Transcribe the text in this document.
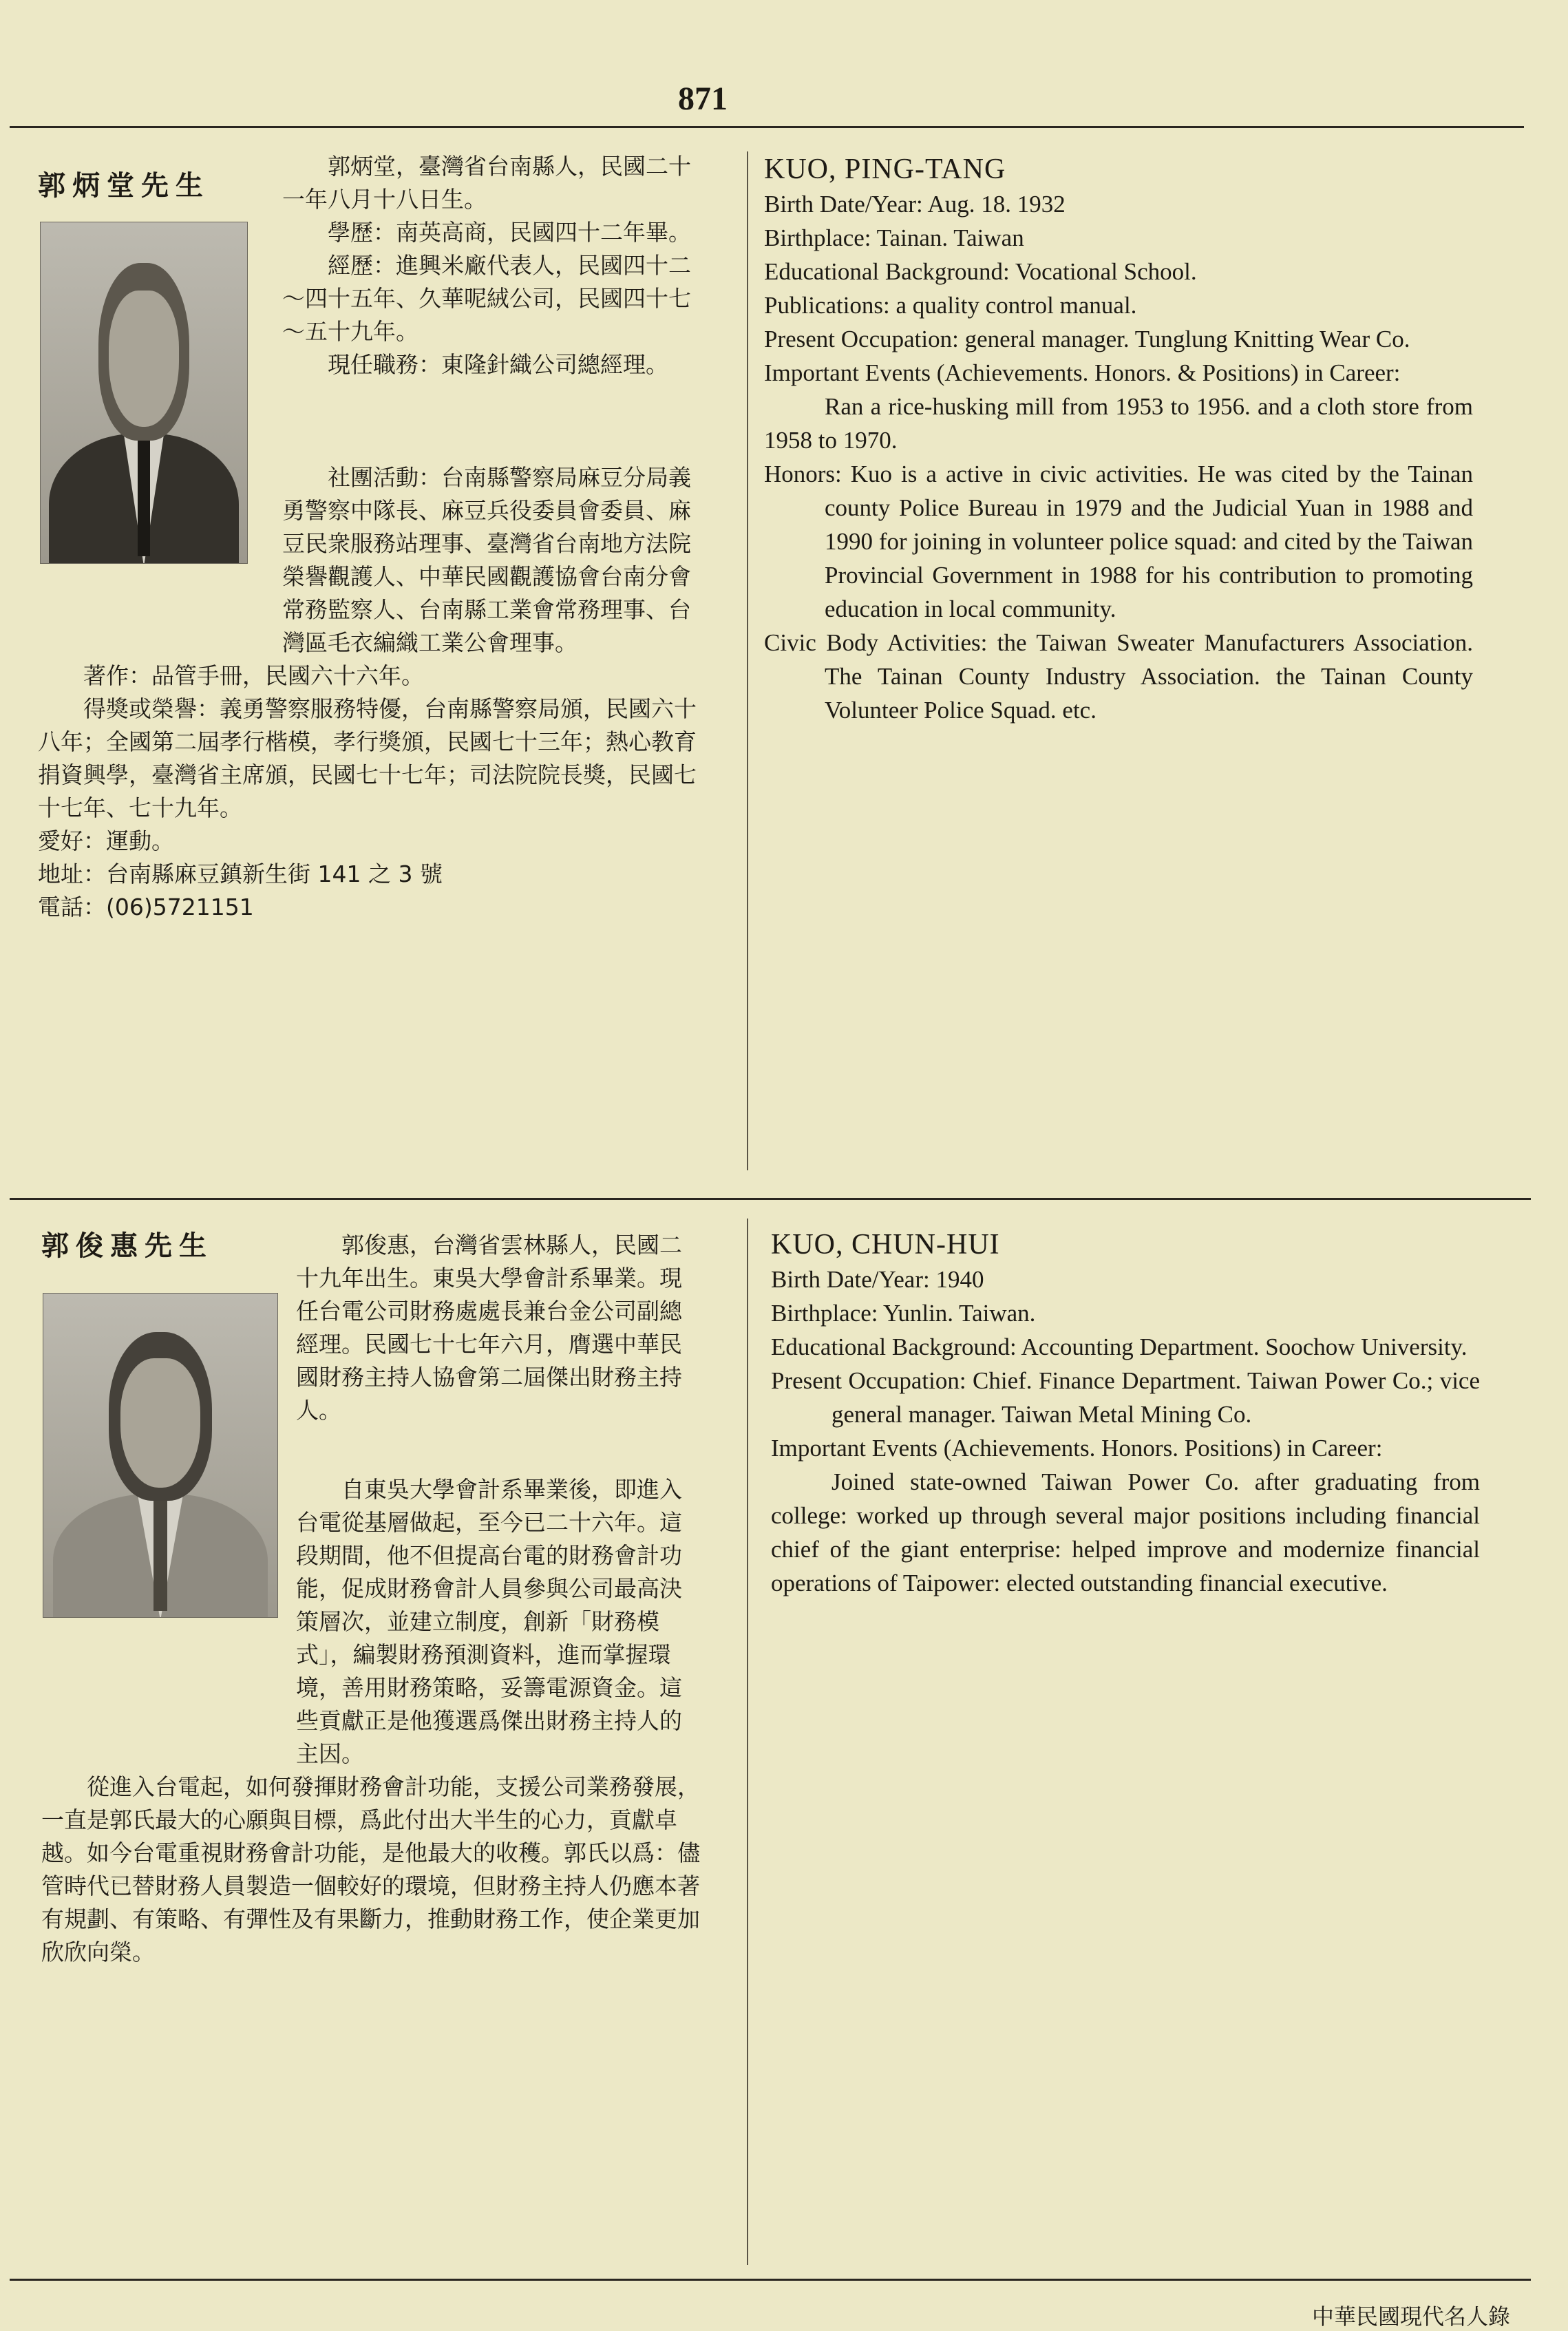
871
郭炳堂先生

郭炳堂，臺灣省台南縣人，民國二十一年八月十八日生。

學歷：南英高商，民國四十二年畢。

經歷：進興米廠代表人，民國四十二～四十五年、久華呢絨公司，民國四十七～五十九年。

現任職務：東隆針織公司總經理。

社團活動：台南縣警察局麻豆分局義勇警察中隊長、麻豆兵役委員會委員、麻豆民衆服務站理事、臺灣省台南地方法院榮譽觀護人、中華民國觀護協會台南分會常務監察人、台南縣工業會常務理事、台灣區毛衣編織工業公會理事。

著作：品管手冊，民國六十六年。

得獎或榮譽：義勇警察服務特優，台南縣警察局頒，民國六十八年；全國第二屆孝行楷模，孝行獎頒，民國七十三年；熱心教育捐資興學，臺灣省主席頒，民國七十七年；司法院院長獎，民國七十七年、七十九年。

愛好：運動。

地址：台南縣麻豆鎮新生街 141 之 3 號

電話：(06)5721151

KUO, PING-TANG

Birth Date/Year: Aug. 18. 1932

Birthplace: Tainan. Taiwan

Educational Background: Vocational School.

Publications: a quality control manual.

Present Occupation: general manager. Tunglung Knitting Wear Co.

Important Events (Achievements. Honors. & Positions) in Career:

Ran a rice-husking mill from 1953 to 1956. and a cloth store from 1958 to 1970.

Honors: Kuo is a active in civic activities. He was cited by the Tainan county Police Bureau in 1979 and the Judicial Yuan in 1988 and 1990 for joining in volunteer police squad: and cited by the Taiwan Provincial Government in 1988 for his contribution to promoting education in local community.

Civic Body Activities: the Taiwan Sweater Manufacturers Association. The Tainan County Industry Association. the Tainan County Volunteer Police Squad. etc.

郭俊惠先生	郭俊惠，台灣省雲林縣人，民國二十九年出生。東吳大學會計系畢業。現任台電公司財務處處長兼台金公司副總經理。民國七十七年六月，膺選中華民國財務主持人協會第二屆傑出財務主持人。

自東吳大學會計系畢業後，即進入台電從基層做起，至今已二十六年。這段期間，他不但提高台電的財務會計功能，促成財務會計人員參與公司最高決策層次，並建立制度，創新「財務模式」，編製財務預測資料，進而掌握環境，善用財務策略，妥籌電源資金。這些貢獻正是他獲選爲傑出財務主持人的主因。

從進入台電起，如何發揮財務會計功能，支援公司業務發展，一直是郭氏最大的心願與目標，爲此付出大半生的心力，貢獻卓越。如今台電重視財務會計功能，是他最大的收穫。郭氏以爲：儘管時代已替財務人員製造一個較好的環境，但財務主持人仍應本著有規劃、有策略、有彈性及有果斷力，推動財務工作，使企業更加欣欣向榮。

KUO, CHUN-HUI

Birth Date/Year: 1940

Birthplace: Yunlin. Taiwan.

Educational Background: Accounting Department. Soochow University.

Present Occupation: Chief. Finance Department. Taiwan Power Co.; vice general manager. Taiwan Metal Mining Co.

Important Events (Achievements. Honors. Positions) in Career:

Joined state-owned Taiwan Power Co. after graduating from college: worked up through several major positions including financial chief of the giant enterprise: helped improve and modernize financial operations of Taipower: elected outstanding financial executive.

中華民國現代名人錄
